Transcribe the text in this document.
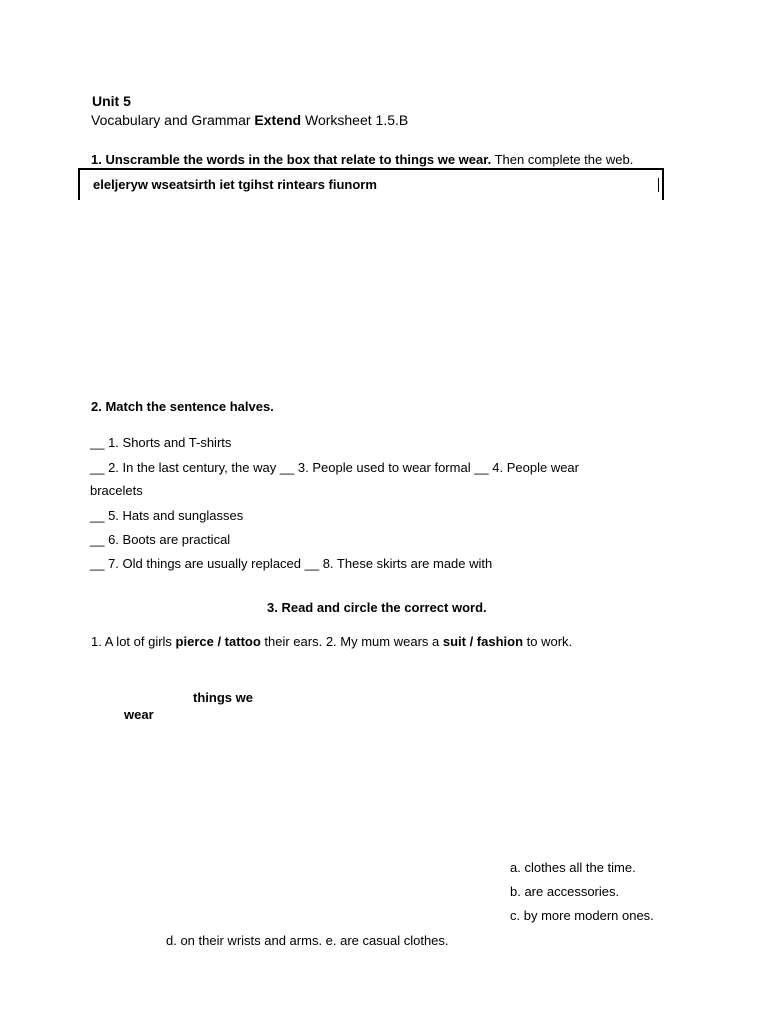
Unit 5
Vocabulary and Grammar Extend Worksheet 1.5.B
1. Unscramble the words in the box that relate to things we wear. Then complete the web.
eleljeryw wseatsirth iet tgihst rintears fiunorm
2. Match the sentence halves.
__ 1. Shorts and T-shirts
__ 2. In the last century, the way __ 3. People used to wear formal __ 4. People wear
bracelets
__ 5. Hats and sunglasses
__ 6. Boots are practical
__ 7. Old things are usually replaced __ 8. These skirts are made with
3. Read and circle the correct word.
1. A lot of girls pierce / tattoo their ears. 2. My mum wears a suit / fashion to work.
things we
wear
a. clothes all the time.
b. are accessories.
c. by more modern ones.
d. on their wrists and arms. e. are casual clothes.
